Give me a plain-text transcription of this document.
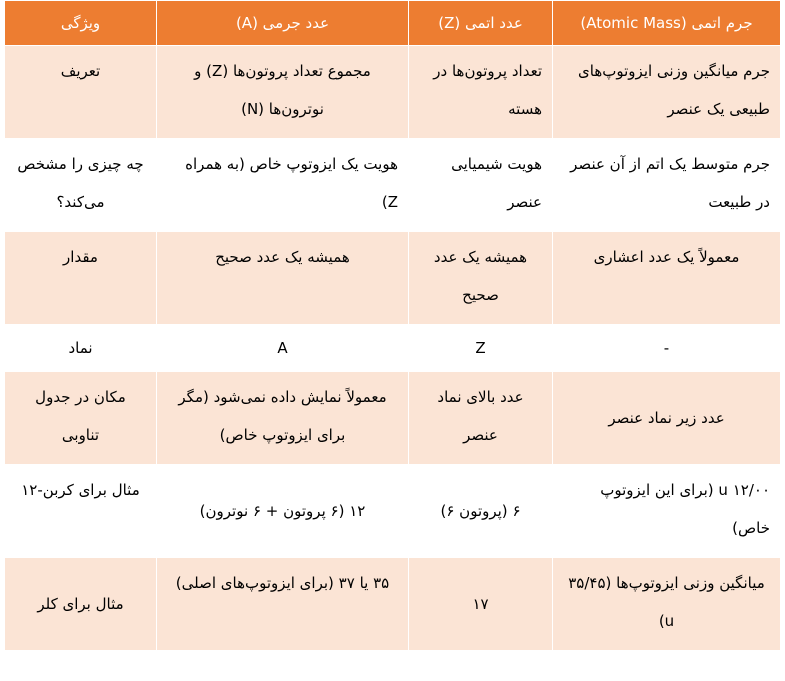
جرم اتمی (Atomic Mass)	عدد اتمی (Z)	عدد جرمی (A)	ویژگی
جرم میانگین وزنی ایزوتوپ‌های طبیعی یک عنصر	تعداد پروتون‌ها در هسته	مجموع تعداد پروتون‌ها (Z) و نوترون‌ها (N)	تعریف
جرم متوسط یک اتم از آن عنصر در طبیعت	هویت شیمیایی عنصر	هویت یک ایزوتوپ خاص (به همراه Z)	چه چیزی را مشخص می‌کند؟
معمولاً یک عدد اعشاری	همیشه یک عدد صحیح	همیشه یک عدد صحیح	مقدار
-	Z	A	نماد
عدد زیر نماد عنصر	عدد بالای نماد عنصر	معمولاً نمایش داده نمی‌شود (مگر برای ایزوتوپ خاص)	مکان در جدول تناوبی
۱۲/۰۰ u (برای این ایزوتوپ خاص)	۶ (پروتون ۶)	۱۲ (۶ پروتون + ۶ نوترون)	مثال برای کربن-۱۲
میانگین وزنی ایزوتوپ‌ها (۳۵/۴۵ u)	۱۷	۳۵ یا ۳۷ (برای ایزوتوپ‌های اصلی)	مثال برای کلر
